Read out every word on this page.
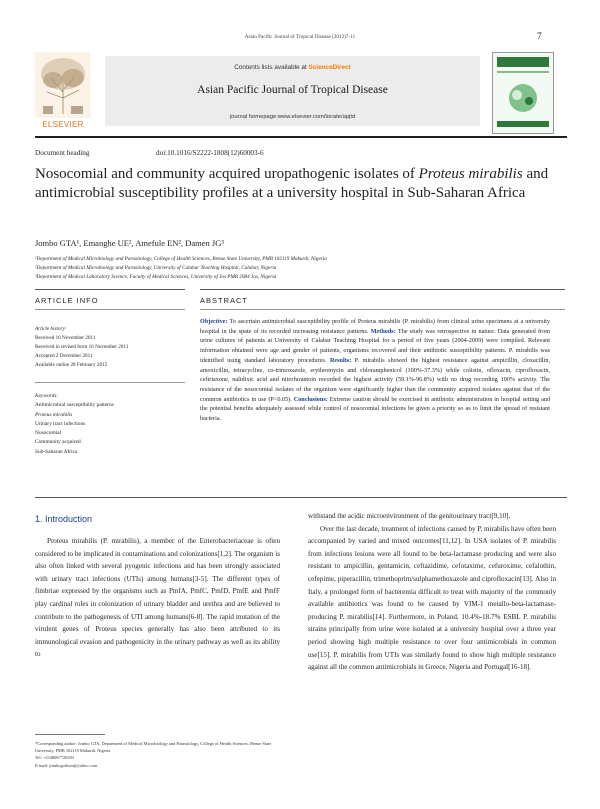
Asian Pacific Journal of Tropical Disease (2012)7-11	7
ELSEVIER
Contents lists available at ScienceDirect
Asian Pacific Journal of Tropical Disease
journal homepage:www.elsevier.com/locate/apjtd
Document heading	doi:10.1016/S2222-1808(12)60003-6
Nosocomial and community acquired uropathogenic isolates of Proteus mirabilis and antimicrobial susceptibility profiles at a university hospital in Sub-Saharan Africa
Jombo GTA¹, Emanghe UE², Amefule EN², Damen JG³
¹Department of Medical Microbiology and Parasitology, College of Health Sciences, Benue State University, PMB 102119 Makurdi, Nigeria
²Department of Medical Microbiology and Parasitology, University of Calabar Teaching Hospital, Calabar, Nigeria
³Department of Medical Laboratory Science, Faculty of Medical Sciences, University of Jos PMB 2084 Jos, Nigeria
ARTICLE INFO	ABSTRACT
Article history:
Received 10 November 2011
Received in revised form 16 November 2011
Accepted 2 December 2011
Available online 28 February 2012
Keywords:
Antimicrobial susceptibility patterns
Proteus mirabilis
Urinary tract infections
Nosocomial
Community acquired
Sub-Saharan Africa
Objective: To ascertain antimicrobial susceptibility profile of Proteus mirabilis (P. mirabilis) from clinical urine specimens at a university hospital in the spate of its recorded increasing resistance patterns. Methods: The study was retrospective in nature. Data generated from urine cultures of patients at University of Calabar Teaching Hospital for a period of five years (2004-2009) were compiled. Relevant information obtained were age and gender of patients, organisms recovered and their antibiotic susceptibility patterns. P. mirabilis was identified using standard laboratory procedures. Results: P. mirabilis showed the highest resistance against ampicillin, cloxacillin, amoxicillin, tetracycline, co-trimoxazole, erythromycin and chloramphenicol (100%-37.3%) while colistin, ofloxacin, ciprofloxacin, ceftriaxone, nalidixic acid and nitrofurantoin recorded the highest activity (59.1%-96.8%) with no drug recording 100% activity. The resistance of the nosocomial isolates of the organism were significantly higher than the community acquired isolates against that of the common antibiotics in use (P<0.05). Conclusions: Extreme caution should be exercised in antibiotic administration in hospital setting and the potential benefits adequately assessed while control of nosocomial infections be given a priority so as to limit the spread of resistant bacteria.
1. Introduction
Proteus mirabilis (P. mirabilis), a member of the Enterobacteriaceae is often considered to be implicated in contaminations and colonizations[1,2]. The organism is also often linked with several pyogenic infections and has been strongly associated with urinary tract infections (UTIs) among humans[3-5]. The different types of fimbriae expressed by the organisms such as PmfA, PmfC, PmfD, PmfE and PmfF play cardinal roles in colonization of urinary bladder and urethra and are believed to contribute to the pathogenesis of UTI among humans[6-8]. The rapid mutation of the virulent genes of Proteus species generally has also been attributed to its immunological evasion and pathogenicity in the urinary pathway as well as its ability to
*Corresponding author: Jombo GTA, Department of Medical Microbiology and Parasitology, College of Health Sciences, Benue State University, PMB 102119 Makurdi, Nigeria
Tel: +2348067726393
E-mail: jombogodwin@yahoo.com
withstand the acidic microenvironment of the genitourinary tract[9,10].
Over the last decade, treatment of infections caused by P. mirabilis have often been accompanied by varied and mixed outcomes[11,12]. In USA isolates of P. mirabilis from infections lesions were all found to be beta-lactamase producing and were also resistant to ampicillin, gentamicin, ceftazidime, cefotaxime, cefuroxime, cefalothin, cefepime, piperacillin, trimethoprim/sulphamethoxazole and ciprofloxacin[13]. Also in Italy, a prolonged form of bacteremia difficult to treat with majority of the commonly available antibiotics was found to be caused by VIM-1 metallo-beta-lactamase-producing P. mirabilis[14]. Furthermore, in Poland, 10.4%-18.7% ESBL P. mirabilis strains principally from urine were isolated at a university hospital over a three year period showing high multiple resistance to over four antimicrobials in common use[15]. P. mirabilis from UTIs was similarly found to show high multiple resistance against all the common antimicrobials in Greece, Nigeria and Portugal[16-18].
